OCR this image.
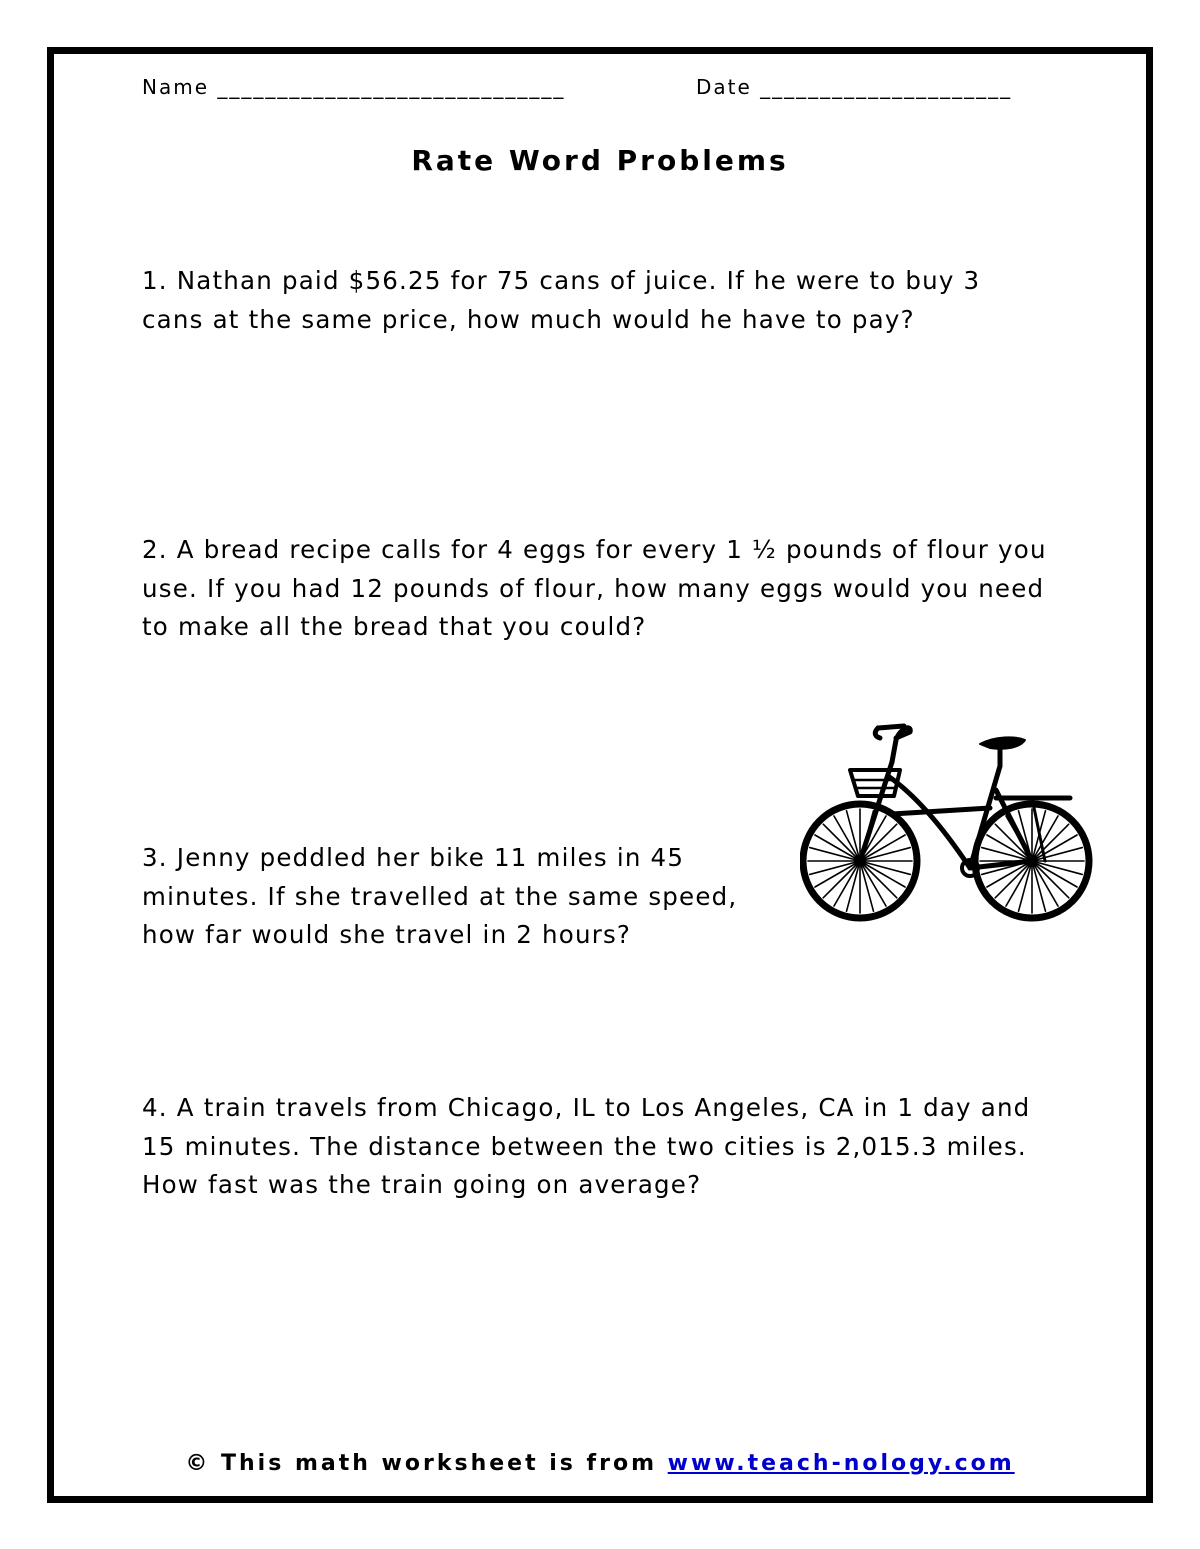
Name _____________________________	Date _____________________
Rate Word Problems
1. Nathan paid $56.25 for 75 cans of juice. If he were to buy 3 cans at the same price, how much would he have to pay?
2. A bread recipe calls for 4 eggs for every 1 ½ pounds of flour you use. If you had 12 pounds of flour, how many eggs would you need to make all the bread that you could?
3. Jenny peddled her bike 11 miles in 45 minutes. If she travelled at the same speed, how far would she travel in 2 hours?
4. A train travels from Chicago, IL to Los Angeles, CA in 1 day and 15 minutes. The distance between the two cities is 2,015.3 miles. How fast was the train going on average?
© This math worksheet is from www.teach-nology.com
